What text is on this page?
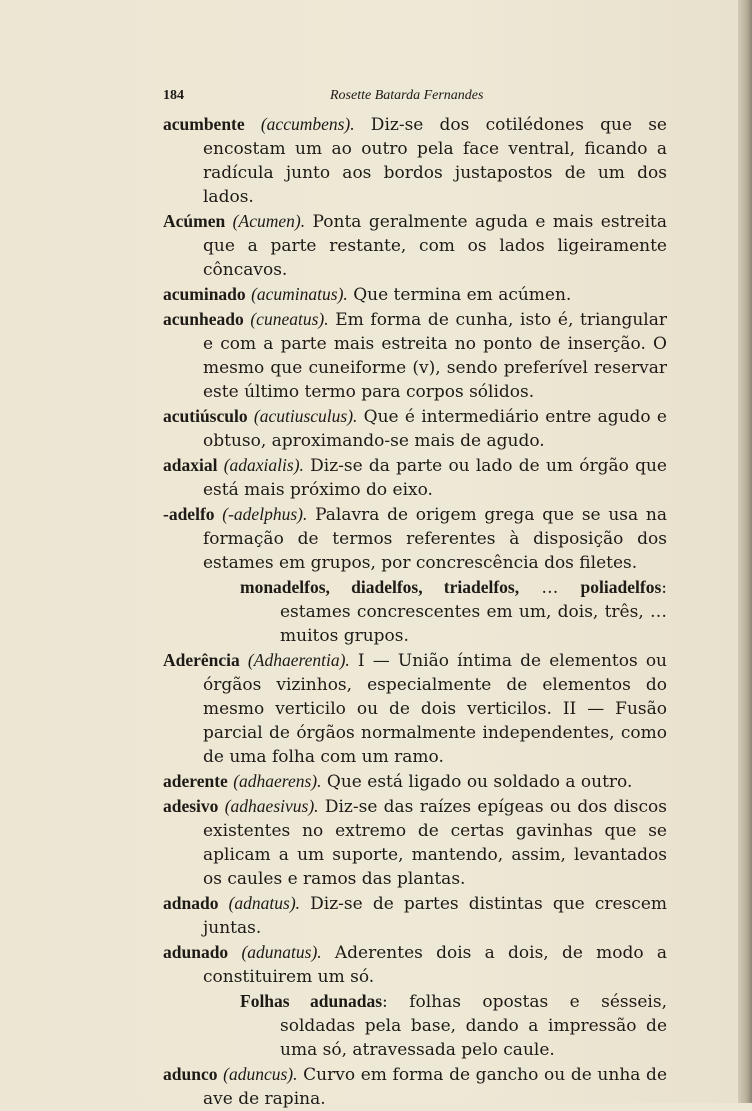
184	Rosette Batarda Fernandes

acumbente (accumbens). Diz-se dos cotilédones que se encostam um ao outro pela face ventral, ficando a radícula junto aos bordos justapostos de um dos lados.

Acúmen (Acumen). Ponta geralmente aguda e mais estreita que a parte restante, com os lados ligeiramente côncavos.

acuminado (acuminatus). Que termina em acúmen.

acunheado (cuneatus). Em forma de cunha, isto é, triangular e com a parte mais estreita no ponto de inserção. O mesmo que cuneiforme (v), sendo preferível reservar este último termo para corpos sólidos.

acutiúsculo (acutiusculus). Que é intermediário entre agudo e obtuso, aproximando-se mais de agudo.

adaxial (adaxialis). Diz-se da parte ou lado de um órgão que está mais próximo do eixo.

-adelfo (-adelphus). Palavra de origem grega que se usa na formação de termos referentes à disposição dos estames em grupos, por concrescência dos filetes.

monadelfos, diadelfos, triadelfos, … poliadelfos: estames concrescentes em um, dois, três, … muitos grupos.

Aderência (Adhaerentia). I — União íntima de elementos ou órgãos vizinhos, especialmente de elementos do mesmo verticilo ou de dois verticilos. II — Fusão parcial de órgãos normalmente independentes, como de uma folha com um ramo.

aderente (adhaerens). Que está ligado ou soldado a outro.

adesivo (adhaesivus). Diz-se das raízes epígeas ou dos discos existentes no extremo de certas gavinhas que se aplicam a um suporte, mantendo, assim, levantados os caules e ramos das plantas.

adnado (adnatus). Diz-se de partes distintas que crescem juntas.

adunado (adunatus). Aderentes dois a dois, de modo a constituirem um só.

Folhas adunadas: folhas opostas e sésseis, soldadas pela base, dando a impressão de uma só, atravessada pelo caule.

adunco (aduncus). Curvo em forma de gancho ou de unha de ave de rapina.
